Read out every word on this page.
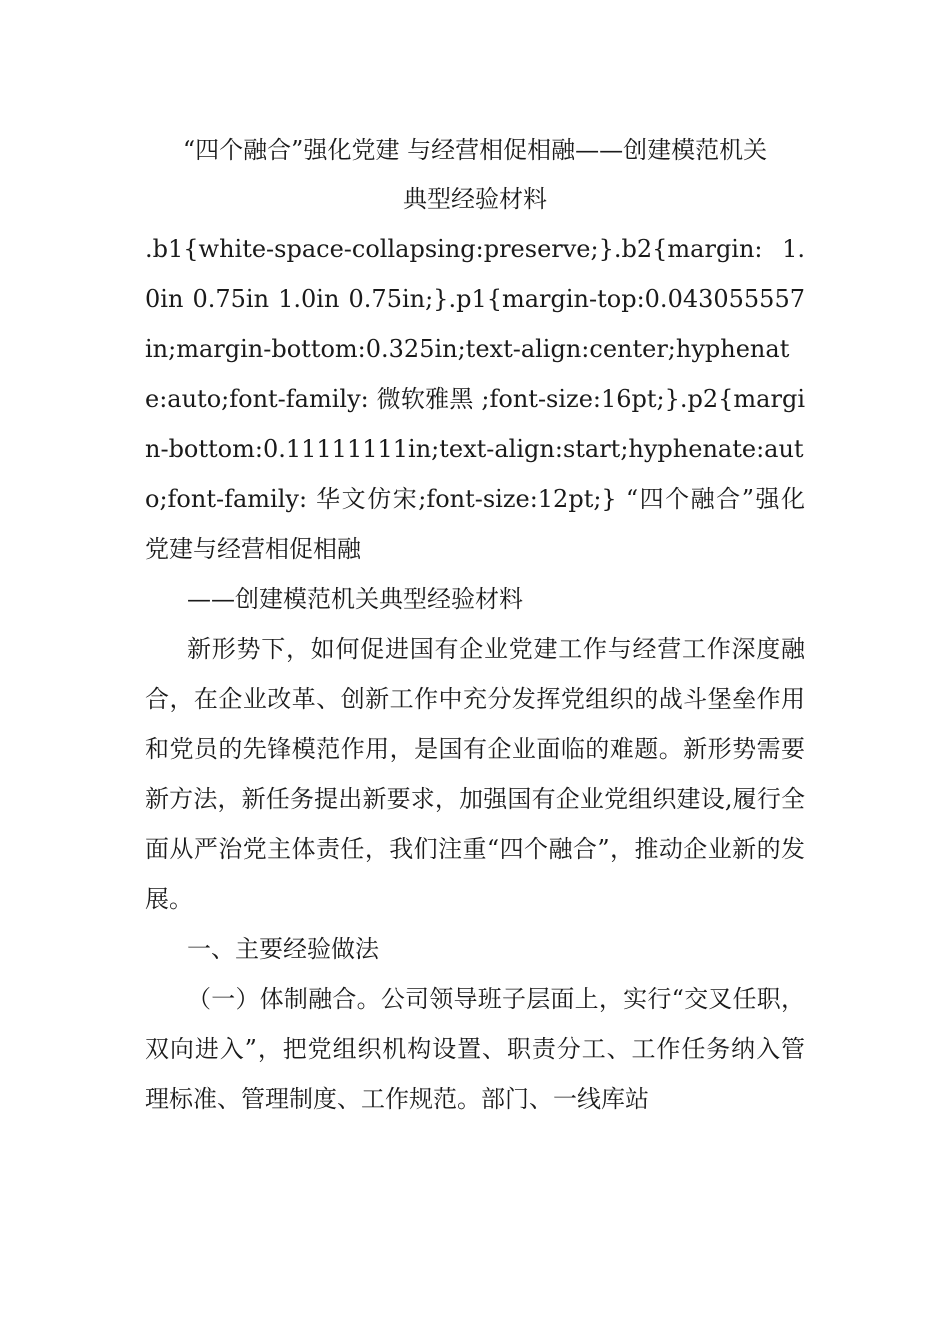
“四个融合”强化党建 与经营相促相融——创建模范机关

典型经验材料

.b1{white-space-collapsing:preserve;}.b2{margin: 1.0in 0.75in 1.0in 0.75in;}.p1{margin-top:0.043055557in;margin-bottom:0.325in;text-align:center;hyphenate:auto;font-family: 微软雅黑 ;font-size:16pt;}.p2{margin-bottom:0.11111111in;text-align:start;hyphenate:auto;font-family: 华文仿宋;font-size:12pt;} “四个融合”强化党建与经营相促相融

——创建模范机关典型经验材料

新形势下，如何促进国有企业党建工作与经营工作深度融合，在企业改革、创新工作中充分发挥党组织的战斗堡垒作用和党员的先锋模范作用，是国有企业面临的难题。新形势需要新方法，新任务提出新要求，加强国有企业党组织建设,履行全面从严治党主体责任，我们注重“四个融合”，推动企业新的发展。

一、主要经验做法

（一）体制融合。公司领导班子层面上，实行“交叉任职，双向进入”，把党组织机构设置、职责分工、工作任务纳入管理标准、管理制度、工作规范。部门、一线库站
